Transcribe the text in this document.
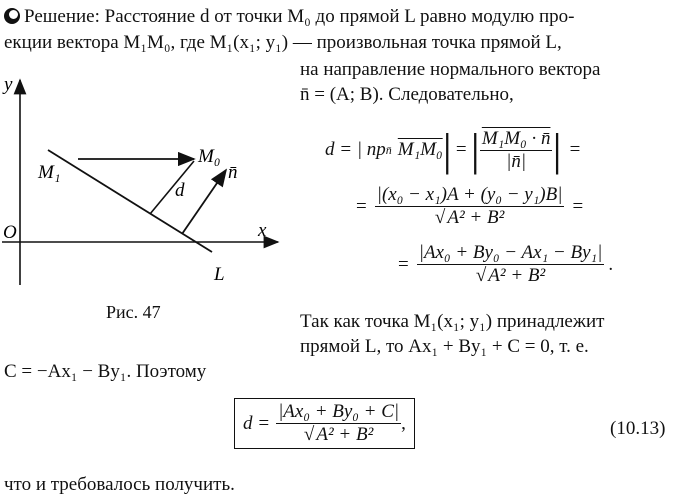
Решение: Расстояние d от точки M₀ до прямой L равно модулю про-
екции вектора M₁M₀, где M₁(x₁; y₁) — произвольная точка прямой L,
на направление нормального вектора
n̄ = (A; B). Следовательно,
y
x
O
L
M₁
M₀
d
n̄
Рис. 47
d = | пр n̄ M₁M₀ | = | $\frac{\text{M₁M₀ · n̄}}{|n̄|}$ | =
= $\frac{\text{|(x₀ − x₁)A + (y₀ − y₁)B|}}{\text{√ A² + B²}}$ =
= $\frac{\text{|Ax₀ + By₀ − Ax₁ − By₁|}}{\text{√ A² + B²}}$ .
Так как точка M₁(x₁; y₁) принадлежит
прямой L, то Ax₁ + By₁ + C = 0, т. е.
C = −Ax₁ − By₁. Поэтому
$d = \frac{\text{|Ax₀ + By₀ + C|}}{\text{√ A² + B²}}$ ,	(10.13)
что и требовалось получить.
